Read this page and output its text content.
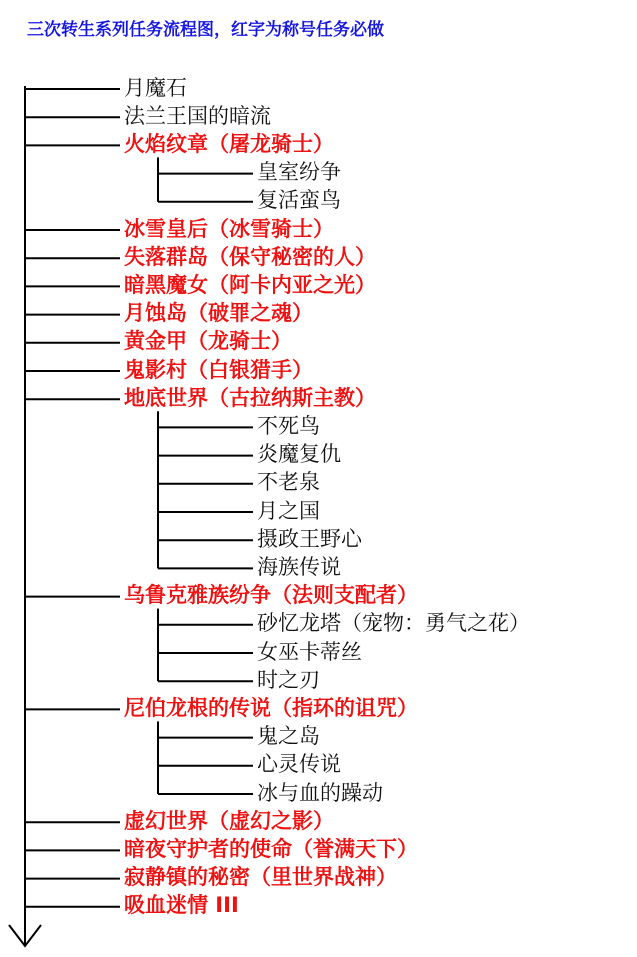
三次转生系列任务流程图，红字为称号任务必做
月魔石
法兰王国的暗流
火焰纹章（屠龙骑士）
皇室纷争
复活蛮鸟
冰雪皇后（冰雪骑士）
失落群岛（保守秘密的人）
暗黑魔女（阿卡内亚之光）
月蚀岛（破罪之魂）
黄金甲（龙骑士）
鬼影村（白银猎手）
地底世界（古拉纳斯主教）
不死鸟
炎魔复仇
不老泉
月之国
摄政王野心
海族传说
乌鲁克雅族纷争（法则支配者）
砂忆龙塔（宠物：勇气之花）
女巫卡蒂丝
时之刃
尼伯龙根的传说（指环的诅咒）
鬼之岛
心灵传说
冰与血的躁动
虚幻世界（虚幻之影）
暗夜守护者的使命（誉满天下）
寂静镇的秘密（里世界战神）
吸血迷情 III
